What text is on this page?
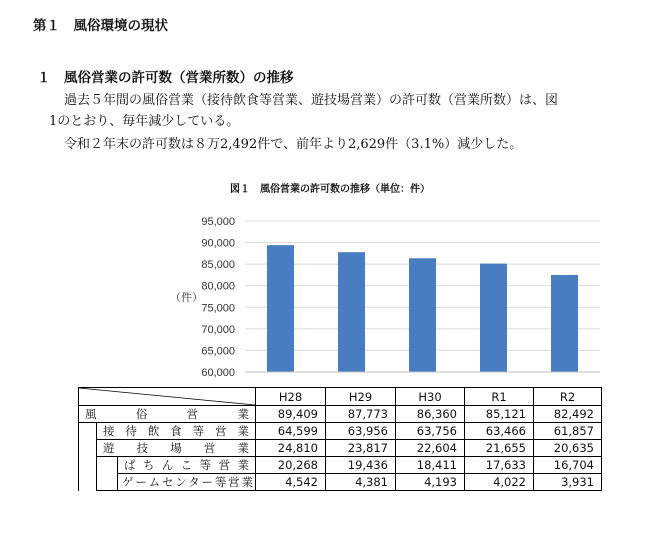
第１　風俗環境の現状
１　風俗営業の許可数（営業所数）の推移
過去５年間の風俗営業（接待飲食等営業、遊技場営業）の許可数（営業所数）は、図
1のとおり、毎年減少している。
令和２年末の許可数は８万2,492件で、前年より2,629件（3.1%）減少した。
図１　風俗営業の許可数の推移（単位：件）
95,000
90,000
85,000
80,000
75,000
70,000
65,000
60,000
（件）
	H28	H29	H30	R1	R2
風俗営業			89,409	87,773	86,360	85,121	82,492
	接待飲食等営業		64,599	63,956	63,756	63,466	61,857
	遊技場営業		24,810	23,817	22,604	21,655	20,635
		ぱちんこ等営業	20,268	19,436	18,411	17,633	16,704
		ゲームセンター等営業	4,542	4,381	4,193	4,022	3,931
